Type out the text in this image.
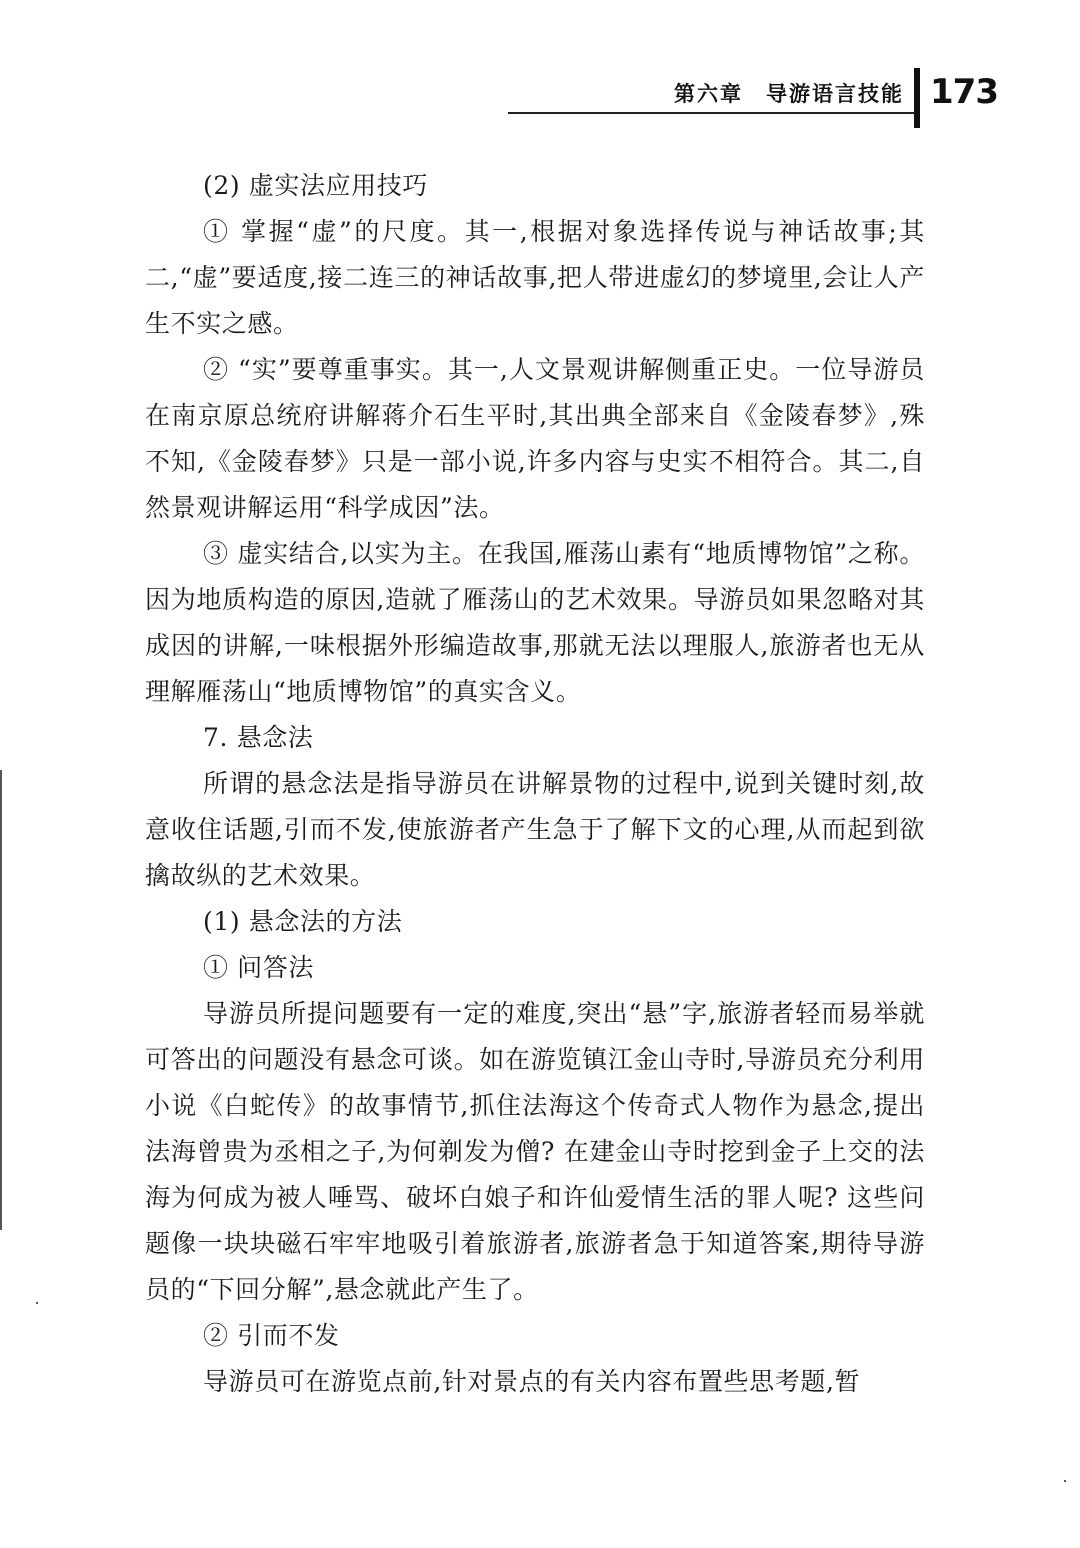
第六章　导游语言技能 173

(2) 虚实法应用技巧

① 掌握“虚”的尺度。其一,根据对象选择传说与神话故事;其二,“虚”要适度,接二连三的神话故事,把人带进虚幻的梦境里,会让人产生不实之感。

② “实”要尊重事实。其一,人文景观讲解侧重正史。一位导游员在南京原总统府讲解蒋介石生平时,其出典全部来自《金陵春梦》,殊不知,《金陵春梦》只是一部小说,许多内容与史实不相符合。其二,自然景观讲解运用“科学成因”法。

③ 虚实结合,以实为主。在我国,雁荡山素有“地质博物馆”之称。因为地质构造的原因,造就了雁荡山的艺术效果。导游员如果忽略对其成因的讲解,一味根据外形编造故事,那就无法以理服人,旅游者也无从理解雁荡山“地质博物馆”的真实含义。

7. 悬念法

所谓的悬念法是指导游员在讲解景物的过程中,说到关键时刻,故意收住话题,引而不发,使旅游者产生急于了解下文的心理,从而起到欲擒故纵的艺术效果。

(1) 悬念法的方法

① 问答法

导游员所提问题要有一定的难度,突出“悬”字,旅游者轻而易举就可答出的问题没有悬念可谈。如在游览镇江金山寺时,导游员充分利用小说《白蛇传》的故事情节,抓住法海这个传奇式人物作为悬念,提出法海曾贵为丞相之子,为何剃发为僧? 在建金山寺时挖到金子上交的法海为何成为被人唾骂、破坏白娘子和许仙爱情生活的罪人呢? 这些问题像一块块磁石牢牢地吸引着旅游者,旅游者急于知道答案,期待导游员的“下回分解”,悬念就此产生了。

② 引而不发

导游员可在游览点前,针对景点的有关内容布置些思考题,暂
